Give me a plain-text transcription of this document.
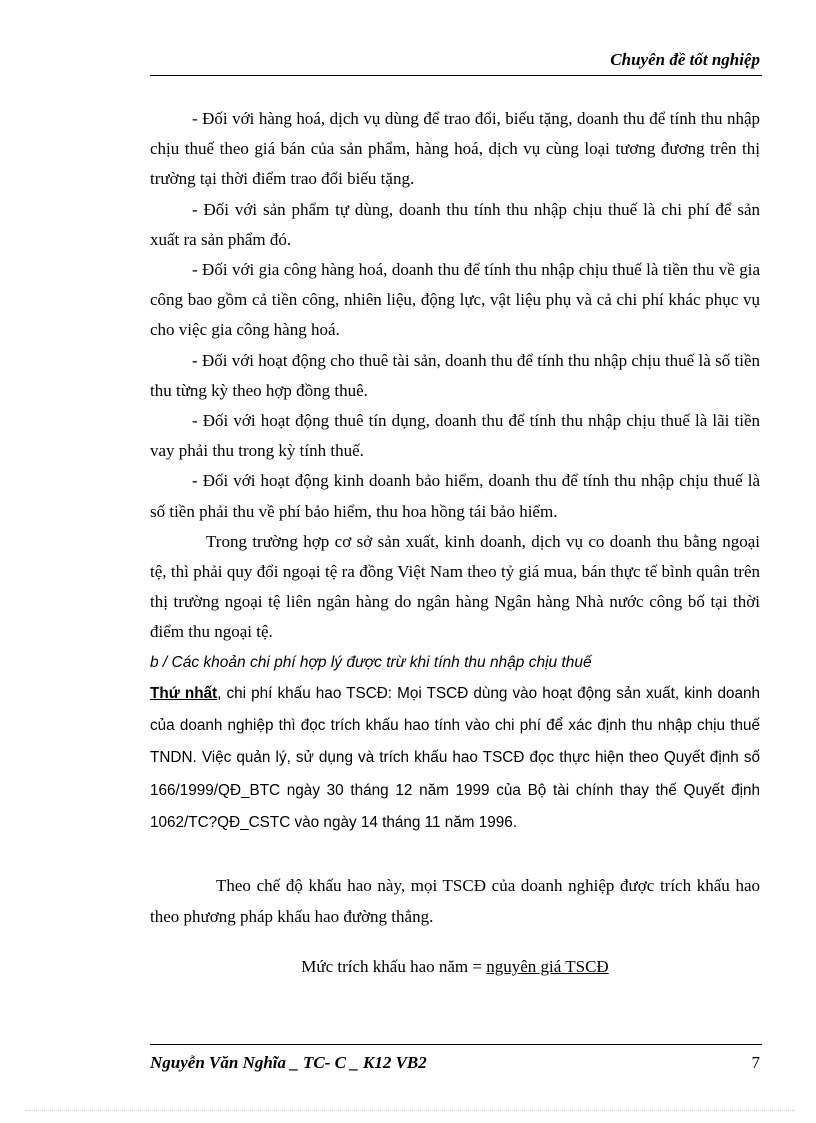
Chuyên đề tốt nghiệp

- Đối với hàng hoá, dịch vụ dùng để trao đổi, biếu tặng, doanh thu để tính thu nhập chịu thuế theo giá bán của sản phẩm, hàng hoá, dịch vụ cùng loại tương đương trên thị trường tại thời điểm trao đổi biếu tặng.

- Đối với sản phẩm tự dùng, doanh thu tính thu nhập chịu thuế là chi phí để sản xuất ra sản phẩm đó.

- Đối với gia công hàng hoá, doanh thu để tính thu nhập chịu thuế là tiền thu về gia công bao gồm cả tiền công, nhiên liệu, động lực, vật liệu phụ và cả chi phí khác phục vụ cho việc gia công hàng hoá.

- Đối với hoạt động cho thuê tài sản, doanh thu để tính thu nhập chịu thuế là số tiền thu từng kỳ theo hợp đồng thuê.

- Đối với hoạt động thuê tín dụng, doanh thu để tính thu nhập chịu thuế là lãi tiền vay phải thu trong kỳ tính thuế.

- Đối với hoạt động kinh doanh bảo hiểm, doanh thu để tính thu nhập chịu thuế là số tiền phải thu về phí bảo hiểm, thu hoa hồng tái bảo hiểm.

Trong trường hợp cơ sở sản xuất, kinh doanh, dịch vụ co doanh thu bằng ngoại tệ, thì phải quy đổi ngoại tệ ra đồng Việt Nam theo tỷ giá mua, bán thực tế bình quân trên thị trường ngoại tệ liên ngân hàng do ngân hàng Ngân hàng Nhà nước công bố tại thời điểm thu ngoại tệ.

b / Các khoản chi phí hợp lý được trừ khi tính thu nhập chịu thuế

Thứ nhất, chi phí khấu hao TSCĐ: Mọi TSCĐ dùng vào hoạt động sản xuất, kinh doanh của doanh nghiệp thì đọc trích khấu hao tính vào chi phí để xác định thu nhập chịu thuế TNDN. Việc quản lý, sử dụng và trích khấu hao TSCĐ đọc thực hiện theo Quyết định số 166/1999/QĐ_BTC ngày 30 tháng 12 năm 1999 của Bộ tài chính thay thế Quyết định 1062/TC?QĐ_CSTC vào ngày 14 tháng 11 năm 1996.

Theo chế độ khấu hao này, mọi TSCĐ của doanh nghiệp được trích khấu hao theo phương pháp khấu hao đường thẳng.

Mức trích khấu hao năm = nguyên giá TSCĐ

Nguyễn Văn Nghĩa _ TC- C _ K12 VB2	7
